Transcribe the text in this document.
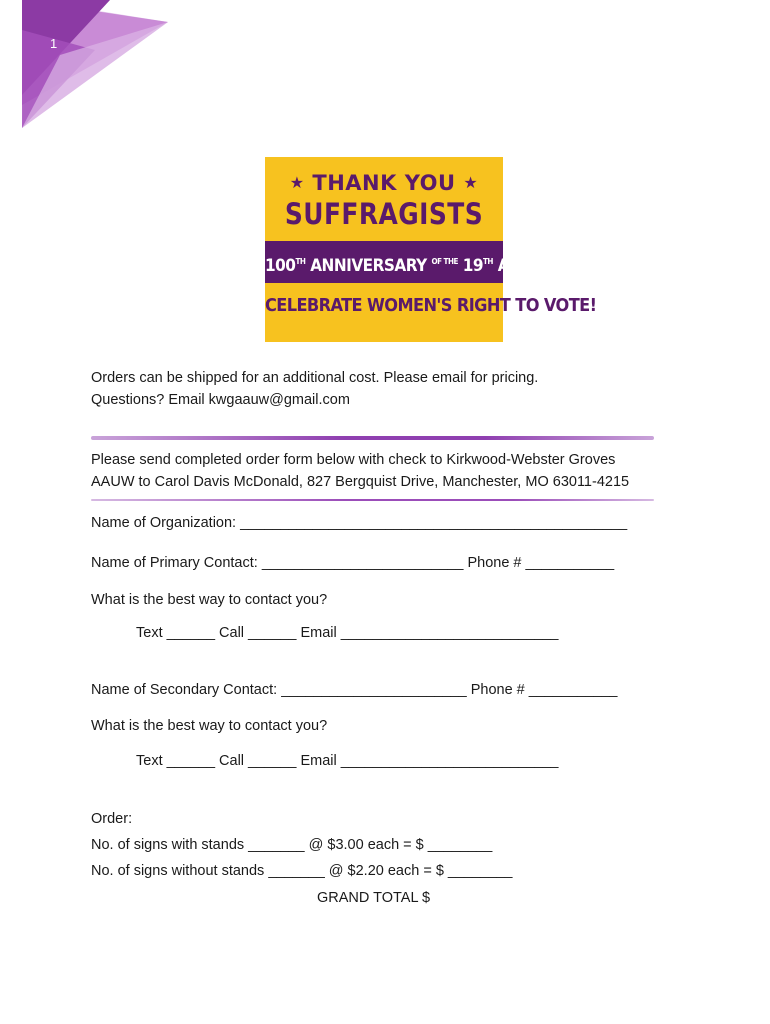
1
★ THANK YOU ★
SUFFRAGISTS
100TH ANNIVERSARY $^{OF THE}$ 19TH AMENDMENT
CELEBRATE WOMEN'S RIGHT TO VOTE!
Orders can be shipped for an additional cost. Please email for pricing.
Questions? Email kwgaauw@gmail.com
Please send completed order form below with check to Kirkwood-Webster Groves
AAUW to Carol Davis McDonald, 827 Bergquist Drive, Manchester, MO 63011-4215
Name of Organization: ________________________________________________
Name of Primary Contact: _________________________ Phone # ___________
What is the best way to contact you?
Text ______ Call ______ Email ___________________________
Name of Secondary Contact: _______________________ Phone # ___________
What is the best way to contact you?
Text ______ Call ______ Email ___________________________
Order:
No. of signs with stands _______ @ $3.00 each = $ ________
No. of signs without stands _______ @ $2.20 each = $ ________
GRAND TOTAL $
